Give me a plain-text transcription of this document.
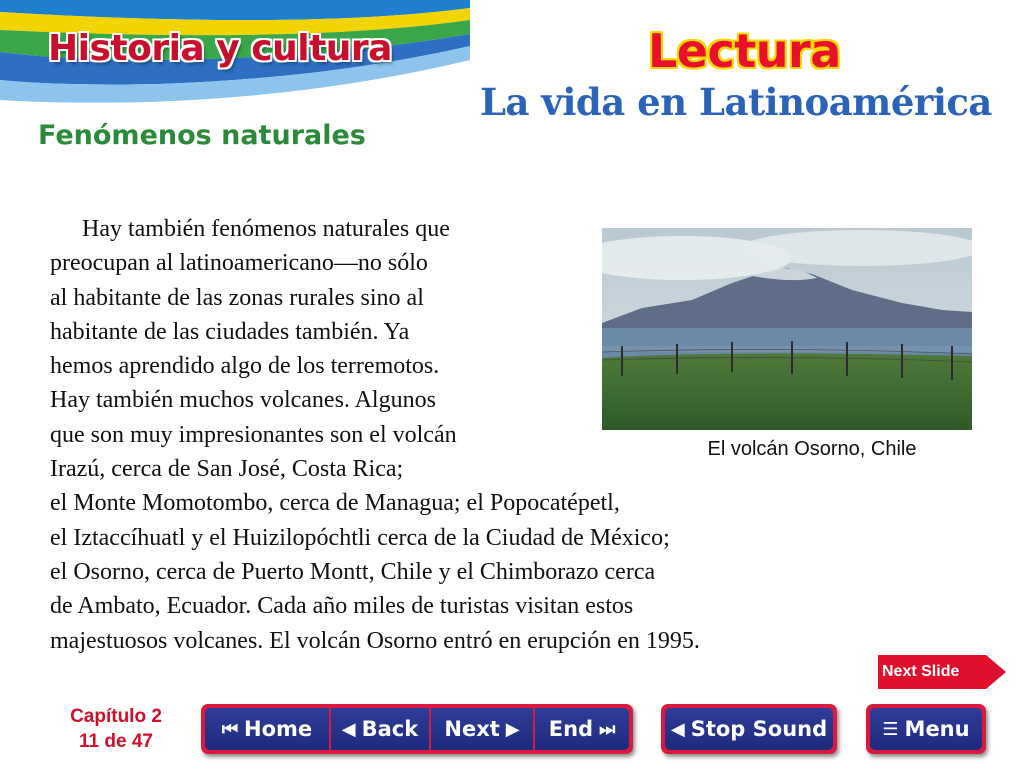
Historia y cultura
Fenómenos naturales
Lectura
La vida en Latinoamérica
Hay también fenómenos naturales que
preocupan al latinoamericano—no sólo
al habitante de las zonas rurales sino al
habitante de las ciudades también. Ya
hemos aprendido algo de los terremotos.
Hay también muchos volcanes. Algunos
que son muy impresionantes son el volcán
Irazú, cerca de San José, Costa Rica;
el Monte Momotombo, cerca de Managua; el Popocatépetl,
el Iztaccíhuatl y el Huizilopóchtli cerca de la Ciudad de México;
el Osorno, cerca de Puerto Montt, Chile y el Chimborazo cerca
de Ambato, Ecuador. Cada año miles de turistas visitan estos
majestuosos volcanes. El volcán Osorno entró en erupción en 1995.
El volcán Osorno, Chile
Next Slide
Capítulo 2
11 de 47
⏮ Home ◀ Back Next ▶ End ⏭	◀ Stop Sound	☰ Menu
